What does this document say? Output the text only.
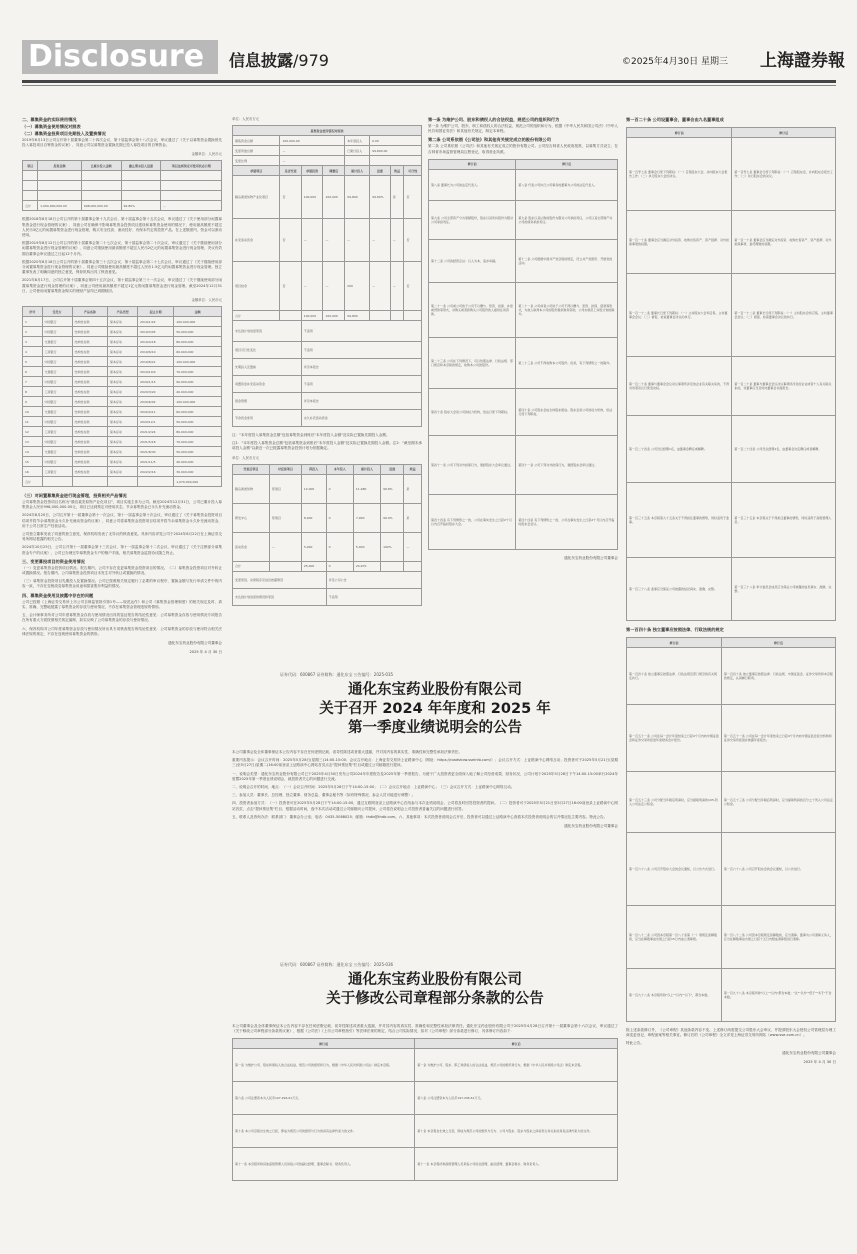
Disclosure	信息披露/979	©2025年4月30日 星期三 上海證券報
二、募集资金的实际使用情况
（一）募集资金使用情况对照表
（二）募集资金投资项目先期投入及置换情况

2019年6月13日公司召开第十届董事会第二十四次会议、第十届监事会第十八次会议，审议通过了《关于以募集资金置换预先投入募投项目自筹资金的议案》，同意公司以募集资金置换先期已投入募投项目的自筹资金。

金额单位：人民币元
项目	投资总额	已累计投入金额	截止期末投入进度	项目达到预定可使用状态日期

合计	1,000,000,000.00	998,000,000.00	99.80%	--

根据2018年8月18日公司召开的第十届董事会第十九次会议、第十届监事会第十五次会议，审议通过了《关于使用部分闲置募集资金进行现金管理的议案》，同意公司在确保不影响募集资金投资项目建设和募集资金使用的情况下，使用最高额度不超过人民币3亿元的闲置募集资金进行现金管理，购买安全性高、流动性好、有保本约定的投资产品。在上述额度内，资金可以滚动使用。

根据2019年8月12日公司召开的第十届董事会第二十七次会议、第十届监事会第二十次会议，审议通过了《关于继续使用部分闲置募集资金进行现金管理的议案》，同意公司继续使用最高额度不超过人民币2亿元的闲置募集资金进行现金管理，决议有效期自董事会审议通过之日起12个月内。

根据2020年8月18日公司召开的第十届董事会第三十五次会议、第十届监事会第二十七次会议，审议通过了《关于继续使用部分闲置募集资金进行现金管理的议案》，同意公司继续使用最高额度不超过人民币1.5亿元的闲置募集资金进行现金管理。独立董事发表了明确同意的独立意见，保荐机构出具了核查意见。

2021年8月17日，公司召开第十届董事会第四十五次会议、第十届监事会第三十一次会议，审议通过了《关于继续使用部分闲置募集资金进行现金管理的议案》，同意公司使用最高额度不超过1亿元的闲置募集资金进行现金管理。截至2024年12月31日，公司使用闲置募集资金购买的理财产品均已到期赎回。

金额单位：人民币元
序号	受托方	产品名称	产品类型	起止日期	金额
1	中国银行	结构性存款	保本浮动	2019/1/22	100,000,000
2	中国银行	结构性存款	保本浮动	2019/3/05	50,000,000
3	交通银行	结构性存款	保本浮动	2019/4/18	80,000,000
4	工商银行	结构性存款	保本浮动	2019/6/10	60,000,000
5	中国银行	结构性存款	保本浮动	2019/8/21	100,000,000
6	交通银行	结构性存款	保本浮动	2019/10/9	70,000,000
7	中国银行	结构性存款	保本浮动	2020/1/15	90,000,000
8	工商银行	结构性存款	保本浮动	2020/3/20	40,000,000
9	中国银行	结构性存款	保本浮动	2020/6/02	100,000,000
10	交通银行	结构性存款	保本浮动	2020/9/11	60,000,000
11	中国银行	结构性存款	保本浮动	2020/12/1	50,000,000
12	工商银行	结构性存款	保本浮动	2021/2/24	80,000,000
13	中国银行	结构性存款	保本浮动	2021/5/18	70,000,000
14	交通银行	结构性存款	保本浮动	2021/8/30	50,000,000
15	中国银行	结构性存款	保本浮动	2021/11/5	40,000,000
16	工商银行	结构性存款	保本浮动	2022/2/16	30,000,000
合计					1,070,000,000
（三）对闲置募集资金进行现金管理，投资相关产品情况

公司募集资金投资项目名称为"胰岛素类似物产业化项目"，项目实施主体为公司。截至2024年12月31日，公司已累计投入募集资金人民币998,000,000.00元，项目已达到预定可使用状态，节余募集资金已永久补充流动资金。

2024年8月20日，公司召开第十一届董事会第十一次会议、第十一届监事会第十次会议，审议通过了《关于募集资金投资项目结项并将节余募集资金永久补充流动资金的议案》，同意公司将募集资金投资项目结项并将节余募集资金永久补充流动资金，用于公司日常生产经营活动。

公司独立董事发表了同意的独立意见，保荐机构发表了无异议的核查意见。具体内容详见公司于2024年8月22日在上海证券交易所网站披露的相关公告。

2024年10月25日，公司召开第十一届董事会第十三次会议、第十一届监事会第十二次会议，审议通过了《关于注销部分募集资金专户的议案》，公司已办理完毕募集资金专户的销户手续，相关募集资金监管协议随之终止。

三、变更募投项目的资金使用情况

（一）变更募集资金投资项目情况。报告期内，公司不存在变更募集资金投资项目的情况。（二）募集资金投资项目对外转让或置换情况。报告期内，公司募集资金投资项目未发生对外转让或置换的情况。

（三）募集资金投资项目先期投入及置换情况。公司已按照相关规定履行了必要的审议程序，置换金额与发行申请文件中的内容一致，不存在变相改变募集资金用途和损害股东利益的情况。

四、募集资金使用及披露中存在的问题

公司已按照《上海证券交易所上市公司自律监管指引第1号——规范运作》和公司《募集资金管理制度》的相关规定及时、真实、准确、完整地披露了募集资金的存放与使用情况，不存在募集资金管理违规的情形。

五、会计师事务所对公司年度募集资金存放与使用情况出具的鉴证报告的结论性意见：公司募集资金存放与使用情况专项报告在所有重大方面按照相关规定编制，如实反映了公司募集资金的存放与使用情况。

六、保荐机构对公司年度募集资金存放与使用情况所出具专项核查报告的结论性意见：公司募集资金的存放与使用符合相关法律法规的规定，不存在违规使用募集资金的情形。

通化东宝药业股份有限公司董事会
2025 年 4 月 30 日
单位：人民币万元
募集资金使用情况对照表							
募集资金总额	100,000.00			本年度投入	0.00		
变更用途总额	—			已累计投入	99,800.00		
变更比例	—						
承诺项目	是否变更	承诺投资	调整后	累计投入	进度	效益	可行性
胰岛素类似物产业化项目	否	100,000	100,000	99,800	99.80%	是	否
补充流动资金	否	—	—	—	—	—	否
项目结余	否	—	—	200	—	—	否
合计		100,000	100,000	99,800			
未达到计划进度原因		不适用					
项目可行性变化		不适用					
先期投入及置换		详见本报告					
闲置资金补充流动资金		不适用					
现金管理		详见本报告					
节余资金使用		永久补充流动资金					

注："本年度投入募集资金总额"包括募集资金到账后"本年度投入金额"及实际已置换先期投入金额。

注1："本年度投入募集资金总额"包括募集资金到账后"本年度投入金额"及实际已置换先期投入金额。注2："截至期末承诺投入金额"以最近一次已披露募集资金投资计划为依据确定。

单位：人民币万元
变更后项目	对应原项目	拟投入	本年投入	累计投入	进度	效益
胰岛素类似物	原项目	12,000	0	11,980	99.8%	是
研发中心	原项目	8,000	0	7,990	99.9%	是
流动资金	—	5,000	0	5,000	100%	—
合计		25,000	0	24,970		
变更原因、决策程序及信息披露情况			详见公司公告			
未达到计划进度的情况和原因			不适用			
第一条 为维护公司、股东和债权人的合法权益，规范公司的组织和行为

第一条 为维护公司、股东、职工和债权人的合法权益，规范公司的组织和行为，根据《中华人民共和国公司法》《中华人民共和国证券法》和其他有关规定，制定本章程。

第二条 公司系依照《公司法》和其他有关规定成立的股份有限公司

第二条 公司系依照《公司法》和其他有关规定成立的股份有限公司。公司经吉林省人民政府批准，以募集方式设立；在吉林省市场监督管理局注册登记，取得营业执照。

修订前	修订后
第八条 董事长为公司的法定代表人。	第八条 代表公司执行公司事务的董事为公司的法定代表人。
第九条 公司全部资产分为等额股份，股东以其所持股份为限对公司承担责任。	第九条 股东以其认购的股份为限对公司承担责任，公司以其全部财产对公司的债务承担责任。
第十二条 公司的经营宗旨：以人为本，追求卓越。	第十二条 公司根据中国共产党章程的规定，设立共产党组织、开展党的活动。
第二十一条 公司或公司的子公司不以赠与、垫资、担保、补偿或贷款等形式，对购买或者拟购买公司股份的人提供任何资助。	第二十一条 公司或者公司的子公司不得以赠与、垫资、担保、借款等形式，为他人取得本公司的股份提供财务资助，公司实施员工持股计划的除外。
第二十三条 公司在下列情况下，可以依照法律、行政法规、部门规章和本章程的规定，收购本公司的股份。	第二十三条 公司不得收购本公司股份。但是，有下列情形之一的除外。
第四十条 股东大会是公司的权力机构，依法行使下列职权。	第四十条 公司股东会由全体股东组成。股东会是公司的权力机构，依法行使下列职权。
第四十一条 公司下列对外担保行为，须经股东大会审议通过。	第四十一条 公司下列对外担保行为，须经股东会审议通过。
第四十四条 有下列情形之一的，公司在事实发生之日起2个月以内召开临时股东大会。	第四十四条 有下列情形之一的，公司在事实发生之日起2个月以内召开临时股东会会议。
通化东宝药业股份有限公司董事会
第一百二十条 公司设董事会，董事会由九名董事组成
修订前	修订后
第一百零七条 董事会行使下列职权：（一）召集股东大会，并向股东大会报告工作；（二）执行股东大会的决议。	第一百零七条 董事会行使下列职权：（一）召集股东会，并向股东会报告工作；（二）执行股东会的决议。
第一百一十条 董事会应当确定对外投资、收购出售资产、资产抵押、对外担保事项的权限。	第一百一十条 董事会应当确定对外投资、收购出售资产、资产抵押、对外担保事项、委托理财的权限。
第一百一十二条 董事长行使下列职权：（一）主持股东大会和召集、主持董事会会议；（二）督促、检查董事会决议的执行。	第一百一十二条 董事长行使下列职权：（一）主持股东会和召集、主持董事会会议；（二）督促、检查董事会决议的执行。
第一百二十条 董事与董事会会议决议事项所涉及的企业有关联关系的，不得对该项决议行使表决权。	第一百二十条 董事与董事会会议决议事项所涉及的企业或者个人有关联关系的，该董事应当及时向董事会书面报告。
第一百二十四条 公司设总经理1名，由董事会聘任或解聘。	第一百二十四条 公司设总经理1名，由董事会决定聘任或者解聘。
第一百三十五条 本章程第九十五条关于不得担任董事的情形，同时适用于监事。	第一百三十五条 本章程关于不得担任董事的情形，同时适用于高级管理人员。
第一百三十八条 监事应当保证公司披露的信息真实、准确、完整。	第一百三十八条 审计委员会成员应当保证公司披露的信息真实、准确、完整。
第一百四十条 独立董事应按照法律、行政法规的规定
修订前	修订后
第一百四十条 独立董事应按照法律、行政法规及部门规章的有关规定执行。	第一百四十条 独立董事应按照法律、行政法规、中国证监会、证券交易所和本章程的规定，认真履行职责。
第一百五十一条 公司在每一会计年度结束之日起4个月内向中国证监会和证券交易所报送年度财务会计报告。	第一百五十一条 公司在每一会计年度结束之日起4个月内向中国证监会派出机构和证券交易所报送并披露年度报告。
第一百五十三条 公司分配当年税后利润时，应当提取利润的10%列入公司法定公积金。	第一百五十三条 公司分配当年税后利润时，应当提取利润的百分之十列入公司法定公积金。
第一百六十八条 公司召开股东大会的会议通知，以公告方式进行。	第一百六十八条 公司召开股东会的会议通知，以公告进行。
第一百八十二条 公司因本章程第一百八十条第（一）项规定而解散的，应当在解散事由出现之日起15日内成立清算组。	第一百八十二条 公司因本章程规定而解散的，应当清算。董事为公司清算义务人，应当在解散事由出现之日起十五日内组成清算组进行清算。
第一百九十八条 本章程所称"以上""以内""以下"，都含本数。	第一百九十八条 本章程所称"以上""以内"都含本数；"过""以外""低于""多于"不含本数。

除上述条款修订外，《公司章程》其他条款内容不变。上述修订尚需提交公司股东大会审议，并提请股东大会授权公司管理层办理工商变更登记、章程备案等相关事宜。修订后的《公司章程》全文详见上海证券交易所网站（www.sse.com.cn）。

特此公告。

通化东宝药业股份有限公司董事会
2025 年 4 月 30 日
证券代码：600867 证券简称：通化东宝 公告编号：2025-035
通化东宝药业股份有限公司
关于召开 2024 年年度和 2025 年
第一季度业绩说明会的公告

本公司董事会及全体董事保证本公告内容不存在任何虚假记载、误导性陈述或者重大遗漏，并对其内容的真实性、准确性和完整性承担法律责任。

重要内容提示：会议召开时间：2025年5月28日(星期三)14:00-15:00；会议召开地点：上海证券交易所上证路演中心（网址：https://roadshow.sseinfo.com/）；会议召开方式：上证路演中心网络互动；投资者可于2025年5月21日(星期三)至5月27日(星期二)16:00前登录上证路演中心网站首页点击"提问预征集"栏目或通过公司邮箱进行提问。

一、说明会类型：通化东宝药业股份有限公司已于2025年4月30日发布公司2024年年度报告及2025年第一季度报告，为便于广大投资者更全面深入地了解公司经营成果、财务状况，公司计划于2025年5月28日下午14:00-15:00举行2024年度暨2025年第一季度业绩说明会，就投资者关心的问题进行交流。

二、说明会召开的时间、地点：（一）会议召开时间：2025年5月28日下午14:00-15:00；（二）会议召开地点：上证路演中心；（三）会议召开方式：上证路演中心网络互动。

三、参加人员：董事长、总经理、独立董事、财务总监、董事会秘书等（如有特殊情况，参会人员可能进行调整）。

四、投资者参加方式：（一）投资者可在2025年5月28日下午14:00-15:00，通过互联网登录上证路演中心在线参与本次业绩说明会，公司将及时回答投资者的提问。（二）投资者可于2025年5月21日至5月27日16:00前登录上证路演中心网站首页，点击"提问预征集"栏目，根据活动时间，选中本次活动或通过公司邮箱向公司提问，公司将在说明会上对投资者普遍关注的问题进行回答。

五、联系人及咨询办法：联系部门：董事会办公室；电话：0435-5088025；邮箱：thdb@thdb.com。六、其他事项：本次投资者说明会召开后，投资者可以通过上证路演中心查看本次投资者说明会的召开情况及主要内容。特此公告。

通化东宝药业股份有限公司董事会
证券代码：600867 证券简称：通化东宝 公告编号：2025-036
通化东宝药业股份有限公司
关于修改公司章程部分条款的公告

本公司董事会及全体董事保证本公告内容不存在任何虚假记载、误导性陈述或者重大遗漏，并对其内容的真实性、准确性和完整性承担法律责任。通化东宝药业股份有限公司于2025年4月28日召开第十一届董事会第十六次会议，审议通过了《关于修改公司章程部分条款的议案》，根据《公司法》《上市公司章程指引》等法律法规的规定，结合公司实际情况，拟对《公司章程》部分条款进行修订，具体修订内容如下：

修订前	修订后
第一条 为维护公司、股东和债权人的合法权益，规范公司的组织和行为，根据《中华人民共和国公司法》制定本章程。	第一条 为维护公司、股东、职工和债权人的合法权益，规范公司的组织和行为，根据《中华人民共和国公司法》制定本章程。
第六条 公司注册资本为人民币197,296.61万元。	第六条 公司注册资本为人民币197,296.61万元。
第十条 本公司章程自生效之日起，即成为规范公司的组织与行为的具有法律约束力的文件。	第十条 本章程自生效之日起，即成为规范公司的组织与行为、公司与股东、股东与股东之间权利义务关系的具有法律约束力的文件。
第十一条 本章程所称其他高级管理人员是指公司的副总经理、董事会秘书、财务负责人。	第十一条 本章程所称高级管理人员是指公司的总经理、副总经理、董事会秘书、财务负责人。
